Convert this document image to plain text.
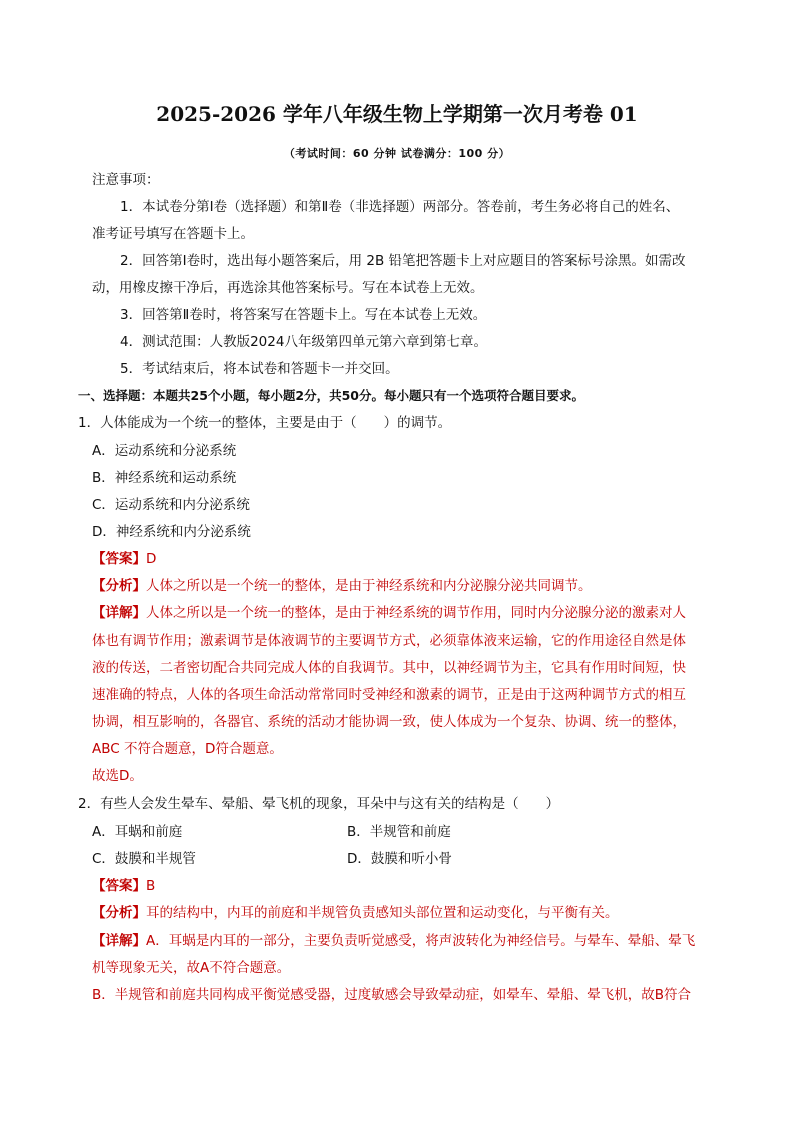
2025-2026 学年八年级生物上学期第一次月考卷 01
（考试时间：60 分钟 试卷满分：100 分）
注意事项：
1．本试卷分第Ⅰ卷（选择题）和第Ⅱ卷（非选择题）两部分。答卷前，考生务必将自己的姓名、
准考证号填写在答题卡上。
2．回答第Ⅰ卷时，选出每小题答案后，用 2B 铅笔把答题卡上对应题目的答案标号涂黑。如需改
动，用橡皮擦干净后，再选涂其他答案标号。写在本试卷上无效。
3．回答第Ⅱ卷时，将答案写在答题卡上。写在本试卷上无效。
4．测试范围：人教版2024八年级第四单元第六章到第七章。
5．考试结束后，将本试卷和答题卡一并交回。
一、选择题：本题共25个小题，每小题2分，共50分。每小题只有一个选项符合题目要求。
1．人体能成为一个统一的整体，主要是由于（　　）的调节。
A．运动系统和分泌系统
B．神经系统和运动系统
C．运动系统和内分泌系统
D．神经系统和内分泌系统
【答案】D
【分析】人体之所以是一个统一的整体，是由于神经系统和内分泌腺分泌共同调节。
【详解】人体之所以是一个统一的整体，是由于神经系统的调节作用，同时内分泌腺分泌的激素对人
体也有调节作用；激素调节是体液调节的主要调节方式，必须靠体液来运输，它的作用途径自然是体
液的传送，二者密切配合共同完成人体的自我调节。其中，以神经调节为主，它具有作用时间短，快
速准确的特点，人体的各项生命活动常常同时受神经和激素的调节，正是由于这两种调节方式的相互
协调，相互影响的，各器官、系统的活动才能协调一致，使人体成为一个复杂、协调、统一的整体，
ABC 不符合题意，D符合题意。
故选D。
2．有些人会发生晕车、晕船、晕飞机的现象，耳朵中与这有关的结构是（　　）
A．耳蜗和前庭	B．半规管和前庭
C．鼓膜和半规管	D．鼓膜和听小骨
【答案】B
【分析】耳的结构中，内耳的前庭和半规管负责感知头部位置和运动变化，与平衡有关。
【详解】A．耳蜗是内耳的一部分，主要负责听觉感受，将声波转化为神经信号。与晕车、晕船、晕飞
机等现象无关，故A不符合题意。
B．半规管和前庭共同构成平衡觉感受器，过度敏感会导致晕动症，如晕车、晕船、晕飞机，故B符合
